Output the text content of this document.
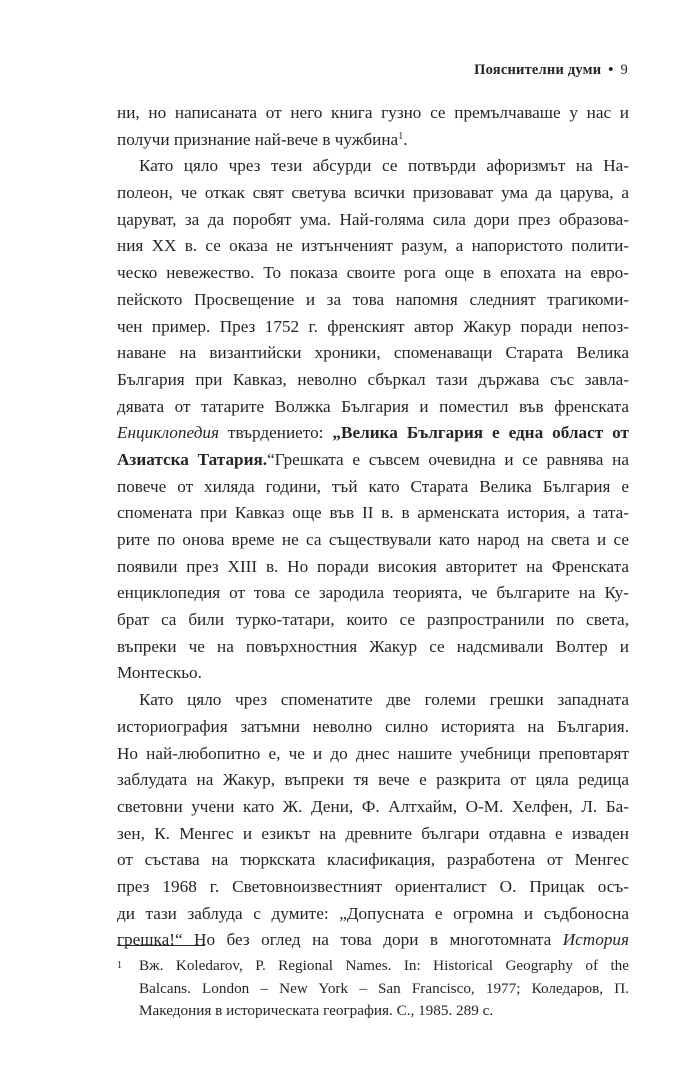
Пояснителни думи • 9
ни, но написаната от него книга гузно се премълчаваше у нас и
получи признание най-вече в чужбина$^1$.
Като цяло чрез тези абсурди се потвърди афоризмът на На-
полеон, че откак свят светува всички призовават ума да царува, а
царуват, за да поробят ума. Най-голяма сила дори през образова-
ния XX в. се оказа не изтънченият разум, а напористото полити-
ческо невежество. То показа своите рога още в епохата на евро-
пейското Просвещение и за това напомня следният трагикоми-
чен пример. През 1752 г. френският автор Жакур поради непоз-
наване на византийски хроники, споменаващи Старата Велика
България при Кавказ, неволно сбъркал тази държава със завла-
дявата от татарите Волжка България и поместил във френската
Енциклопедия твърдението: „Велика България е една област от
Азиатска Татария.“Грешката е съвсем очевидна и се равнява на
повече от хиляда години, тъй като Старата Велика България е
спомената при Кавказ още във II в. в арменската история, а тата-
рите по онова време не са съществували като народ на света и се
появили през XIII в. Но поради високия авторитет на Френската
енциклопедия от това се зародила теорията, че българите на Ку-
брат са били турко-татари, които се разпространили по света,
въпреки че на повърхностния Жакур се надсмивали Волтер и
Монтескьо.
Като цяло чрез споменатите две големи грешки западната
историография затъмни неволно силно историята на България.
Но най-любопитно е, че и до днес нашите учебници преповтарят
заблудата на Жакур, въпреки тя вече е разкрита от цяла редица
световни учени като Ж. Дени, Ф. Алтхайм, О-М. Хелфен, Л. Ба-
зен, К. Менгес и езикът на древните българи отдавна е изваден
от състава на тюркската класификация, разработена от Менгес
през 1968 г. Световноизвестният ориенталист О. Прицак осъ-
ди тази заблуда с думите: „Допусната е огромна и съдбоносна
грешка!“ Но без оглед на това дори в многотомната История
1	Вж. Koledarov, P. Regional Names. In: Historical Geography of the
Balcans. London – New York – San Francisco, 1977; Коледаров, П.
Македония в историческата география. С., 1985. 289 с.
